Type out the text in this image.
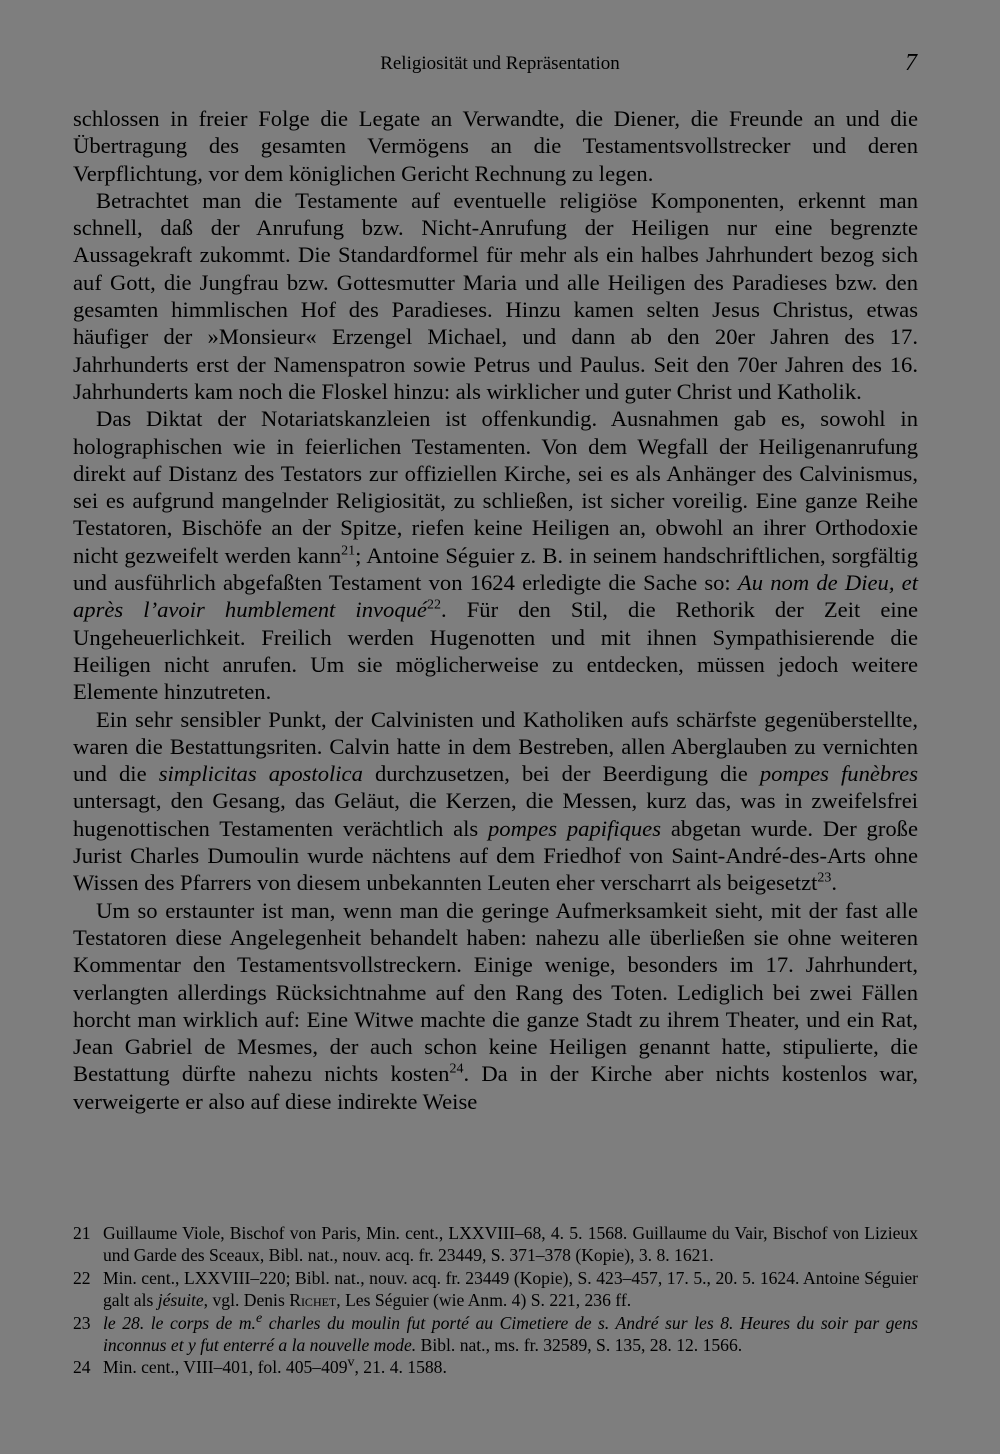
Religiosität und Repräsentation	7

schlossen in freier Folge die Legate an Verwandte, die Diener, die Freunde an und die Übertragung des gesamten Vermögens an die Testamentsvollstrecker und deren Verpflichtung, vor dem königlichen Gericht Rechnung zu legen.

Betrachtet man die Testamente auf eventuelle religiöse Komponenten, erkennt man schnell, daß der Anrufung bzw. Nicht-Anrufung der Heiligen nur eine begrenzte Aussagekraft zukommt. Die Standardformel für mehr als ein halbes Jahrhundert bezog sich auf Gott, die Jungfrau bzw. Gottesmutter Maria und alle Heiligen des Paradieses bzw. den gesamten himmlischen Hof des Paradieses. Hinzu kamen selten Jesus Christus, etwas häufiger der »Monsieur« Erzengel Michael, und dann ab den 20er Jahren des 17. Jahrhunderts erst der Namenspatron sowie Petrus und Paulus. Seit den 70er Jahren des 16. Jahrhunderts kam noch die Floskel hinzu: als wirklicher und guter Christ und Katholik.

Das Diktat der Notariatskanzleien ist offenkundig. Ausnahmen gab es, sowohl in holographischen wie in feierlichen Testamenten. Von dem Wegfall der Heiligenanrufung direkt auf Distanz des Testators zur offiziellen Kirche, sei es als Anhänger des Calvinismus, sei es aufgrund mangelnder Religiosität, zu schließen, ist sicher voreilig. Eine ganze Reihe Testatoren, Bischöfe an der Spitze, riefen keine Heiligen an, obwohl an ihrer Orthodoxie nicht gezweifelt werden kann$^{21}$; Antoine Séguier z. B. in seinem handschriftlichen, sorgfältig und ausführlich abgefaßten Testament von 1624 erledigte die Sache so: Au nom de Dieu, et après l’avoir humblement invoqué$^{22}$. Für den Stil, die Rethorik der Zeit eine Ungeheuerlichkeit. Freilich werden Hugenotten und mit ihnen Sympathisierende die Heiligen nicht anrufen. Um sie möglicherweise zu entdecken, müssen jedoch weitere Elemente hinzutreten.

Ein sehr sensibler Punkt, der Calvinisten und Katholiken aufs schärfste gegenüberstellte, waren die Bestattungsriten. Calvin hatte in dem Bestreben, allen Aberglauben zu vernichten und die simplicitas apostolica durchzusetzen, bei der Beerdigung die pompes funèbres untersagt, den Gesang, das Geläut, die Kerzen, die Messen, kurz das, was in zweifelsfrei hugenottischen Testamenten verächtlich als pompes papifiques abgetan wurde. Der große Jurist Charles Dumoulin wurde nächtens auf dem Friedhof von Saint-André-des-Arts ohne Wissen des Pfarrers von diesem unbekannten Leuten eher verscharrt als beigesetzt$^{23}$.

Um so erstaunter ist man, wenn man die geringe Aufmerksamkeit sieht, mit der fast alle Testatoren diese Angelegenheit behandelt haben: nahezu alle überließen sie ohne weiteren Kommentar den Testamentsvollstreckern. Einige wenige, besonders im 17. Jahrhundert, verlangten allerdings Rücksichtnahme auf den Rang des Toten. Lediglich bei zwei Fällen horcht man wirklich auf: Eine Witwe machte die ganze Stadt zu ihrem Theater, und ein Rat, Jean Gabriel de Mesmes, der auch schon keine Heiligen genannt hatte, stipulierte, die Bestattung dürfte nahezu nichts kosten$^{24}$. Da in der Kirche aber nichts kostenlos war, verweigerte er also auf diese indirekte Weise

21 Guillaume Viole, Bischof von Paris, Min. cent., LXXVIII–68, 4. 5. 1568. Guillaume du Vair, Bischof von Lizieux und Garde des Sceaux, Bibl. nat., nouv. acq. fr. 23449, S. 371–378 (Kopie), 3. 8. 1621.
22 Min. cent., LXXVIII–220; Bibl. nat., nouv. acq. fr. 23449 (Kopie), S. 423–457, 17. 5., 20. 5. 1624. Antoine Séguier galt als jésuite, vgl. Denis Richet, Les Séguier (wie Anm. 4) S. 221, 236 ff.
23 le 28. le corps de m.$^e$ charles du moulin fut porté au Cimetiere de s. André sur les 8. Heures du soir par gens inconnus et y fut enterré a la nouvelle mode. Bibl. nat., ms. fr. 32589, S. 135, 28. 12. 1566.
24 Min. cent., VIII–401, fol. 405–409$^v$, 21. 4. 1588.
